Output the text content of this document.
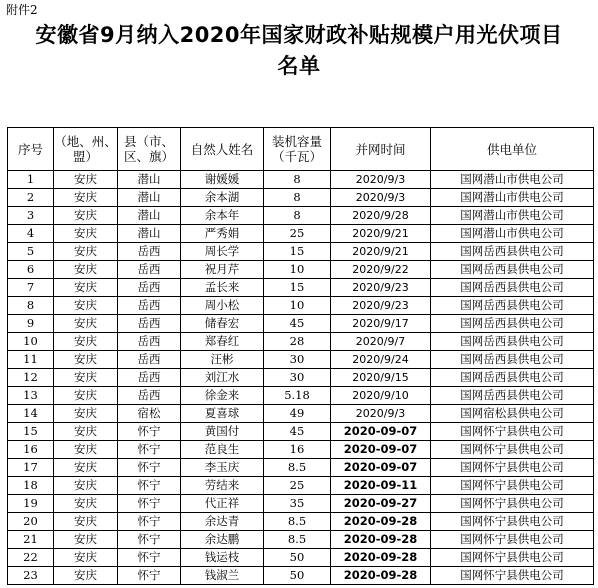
附件2
安徽省9月纳入2020年国家财政补贴规模户用光伏项目
名单
序号	（地、州、盟）	县（市、区、旗）	自然人姓名	装机容量（千瓦）	并网时间	供电单位
1	安庆	潜山	谢媛媛	8	2020/9/3	国网潜山市供电公司
2	安庆	潜山	余本湖	8	2020/9/3	国网潜山市供电公司
3	安庆	潜山	余本年	8	2020/9/28	国网潜山市供电公司
4	安庆	潜山	严秀娟	25	2020/9/21	国网潜山市供电公司
5	安庆	岳西	周长学	15	2020/9/21	国网岳西县供电公司
6	安庆	岳西	祝月芹	10	2020/9/22	国网岳西县供电公司
7	安庆	岳西	孟长来	15	2020/9/23	国网岳西县供电公司
8	安庆	岳西	周小松	10	2020/9/23	国网岳西县供电公司
9	安庆	岳西	储春宏	45	2020/9/17	国网岳西县供电公司
10	安庆	岳西	郑春红	28	2020/9/7	国网岳西县供电公司
11	安庆	岳西	汪彬	30	2020/9/24	国网岳西县供电公司
12	安庆	岳西	刘江水	30	2020/9/15	国网岳西县供电公司
13	安庆	岳西	徐金来	5.18	2020/9/10	国网岳西县供电公司
14	安庆	宿松	夏喜球	49	2020/9/3	国网宿松县供电公司
15	安庆	怀宁	黄国付	45	2020-09-07	国网怀宁县供电公司
16	安庆	怀宁	范良生	16	2020-09-07	国网怀宁县供电公司
17	安庆	怀宁	李玉庆	8.5	2020-09-07	国网怀宁县供电公司
18	安庆	怀宁	劳结来	25	2020-09-11	国网怀宁县供电公司
19	安庆	怀宁	代正祥	35	2020-09-27	国网怀宁县供电公司
20	安庆	怀宁	余达青	8.5	2020-09-28	国网怀宁县供电公司
21	安庆	怀宁	余达鹏	8.5	2020-09-28	国网怀宁县供电公司
22	安庆	怀宁	钱运枝	50	2020-09-28	国网怀宁县供电公司
23	安庆	怀宁	钱淑兰	50	2020-09-28	国网怀宁县供电公司
